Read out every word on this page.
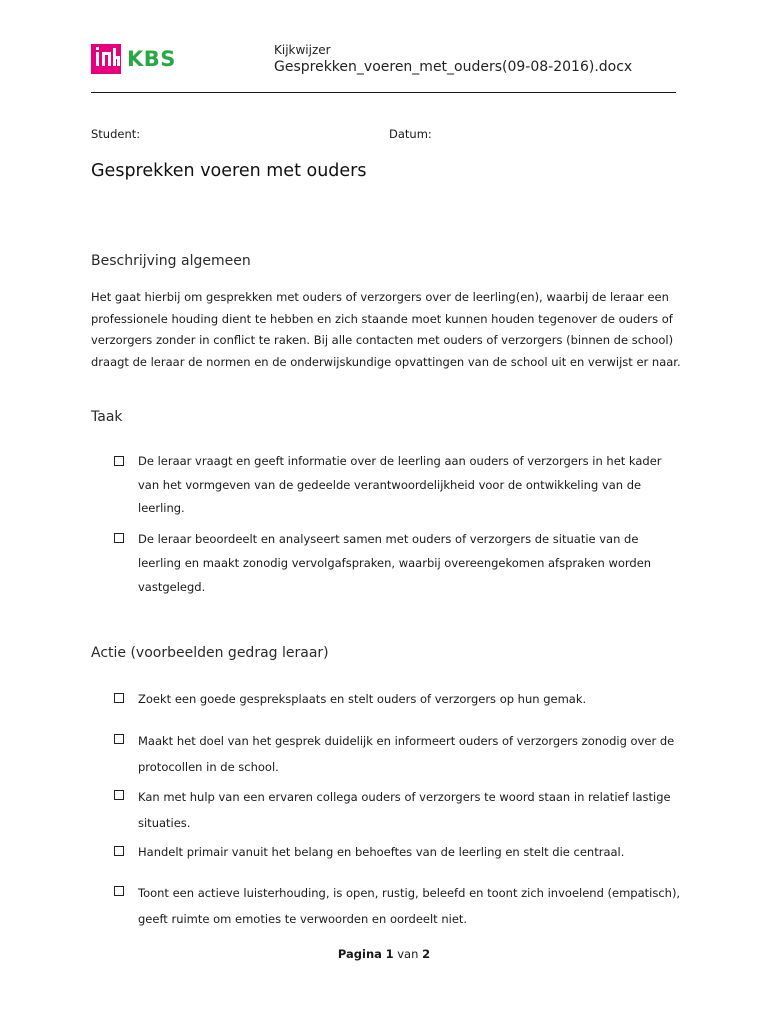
KBS	Kijkwijzer
Gesprekken_voeren_met_ouders(09-08-2016).docx
Student:	Datum:
Gesprekken voeren met ouders
Beschrijving algemeen
Het gaat hierbij om gesprekken met ouders of verzorgers over de leerling(en), waarbij de leraar een professionele houding dient te hebben en zich staande moet kunnen houden tegenover de ouders of verzorgers zonder in conflict te raken. Bij alle contacten met ouders of verzorgers (binnen de school) draagt de leraar de normen en de onderwijskundige opvattingen van de school uit en verwijst er naar.
Taak
De leraar vraagt en geeft informatie over de leerling aan ouders of verzorgers in het kader van het vormgeven van de gedeelde verantwoordelijkheid voor de ontwikkeling van de leerling.
De leraar beoordeelt en analyseert samen met ouders of verzorgers de situatie van de leerling en maakt zonodig vervolgafspraken, waarbij overeengekomen afspraken worden vastgelegd.
Actie (voorbeelden gedrag leraar)
Zoekt een goede gespreksplaats en stelt ouders of verzorgers op hun gemak.
Maakt het doel van het gesprek duidelijk en informeert ouders of verzorgers zonodig over de protocollen in de school.
Kan met hulp van een ervaren collega ouders of verzorgers te woord staan in relatief lastige situaties.
Handelt primair vanuit het belang en behoeftes van de leerling en stelt die centraal.
Toont een actieve luisterhouding, is open, rustig, beleefd en toont zich invoelend (empatisch), geeft ruimte om emoties te verwoorden en oordeelt niet.
Pagina 1 van 2
